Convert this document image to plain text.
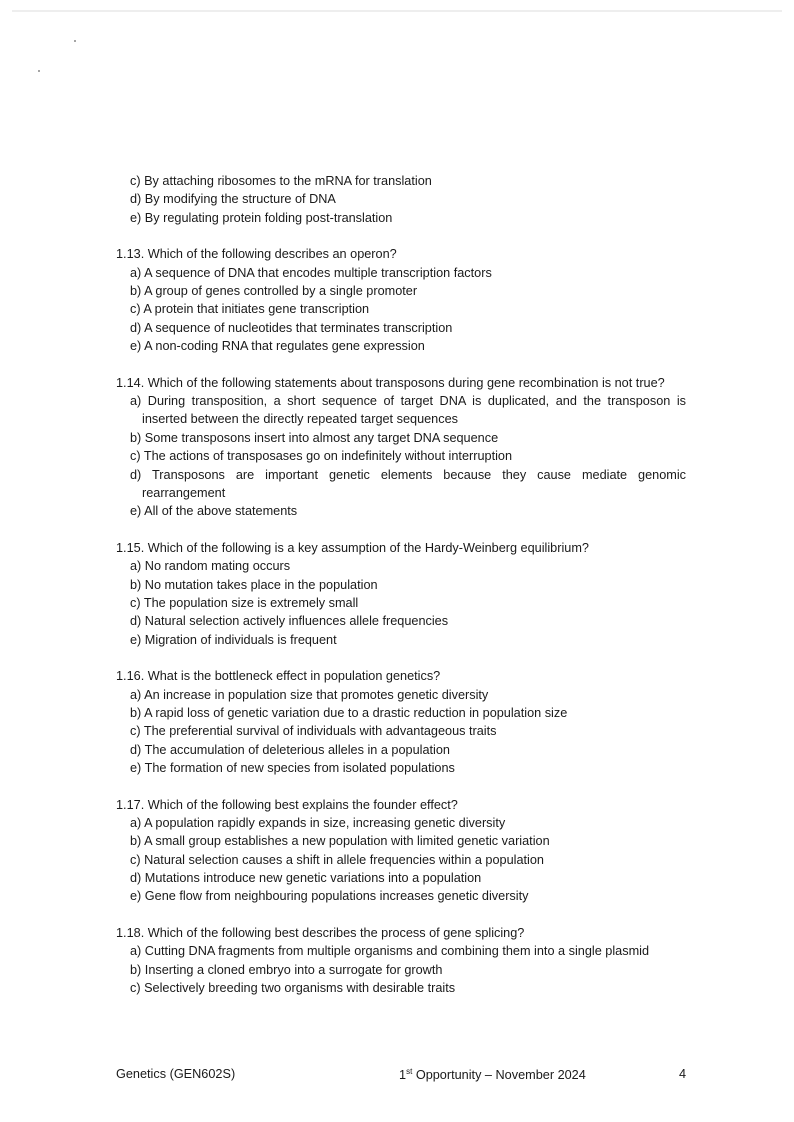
c) By attaching ribosomes to the mRNA for translation
d) By modifying the structure of DNA
e) By regulating protein folding post-translation
1.13. Which of the following describes an operon?
a) A sequence of DNA that encodes multiple transcription factors
b) A group of genes controlled by a single promoter
c) A protein that initiates gene transcription
d) A sequence of nucleotides that terminates transcription
e) A non-coding RNA that regulates gene expression
1.14. Which of the following statements about transposons during gene recombination is not true?
a) During transposition, a short sequence of target DNA is duplicated, and the transposon is inserted between the directly repeated target sequences
b) Some transposons insert into almost any target DNA sequence
c) The actions of transposases go on indefinitely without interruption
d) Transposons are important genetic elements because they cause mediate genomic rearrangement
e) All of the above statements
1.15. Which of the following is a key assumption of the Hardy-Weinberg equilibrium?
a) No random mating occurs
b) No mutation takes place in the population
c) The population size is extremely small
d) Natural selection actively influences allele frequencies
e) Migration of individuals is frequent
1.16. What is the bottleneck effect in population genetics?
a) An increase in population size that promotes genetic diversity
b) A rapid loss of genetic variation due to a drastic reduction in population size
c) The preferential survival of individuals with advantageous traits
d) The accumulation of deleterious alleles in a population
e) The formation of new species from isolated populations
1.17. Which of the following best explains the founder effect?
a) A population rapidly expands in size, increasing genetic diversity
b) A small group establishes a new population with limited genetic variation
c) Natural selection causes a shift in allele frequencies within a population
d) Mutations introduce new genetic variations into a population
e) Gene flow from neighbouring populations increases genetic diversity
1.18. Which of the following best describes the process of gene splicing?
a) Cutting DNA fragments from multiple organisms and combining them into a single plasmid
b) Inserting a cloned embryo into a surrogate for growth
c) Selectively breeding two organisms with desirable traits
Genetics (GEN602S)	1st Opportunity – November 2024	4
